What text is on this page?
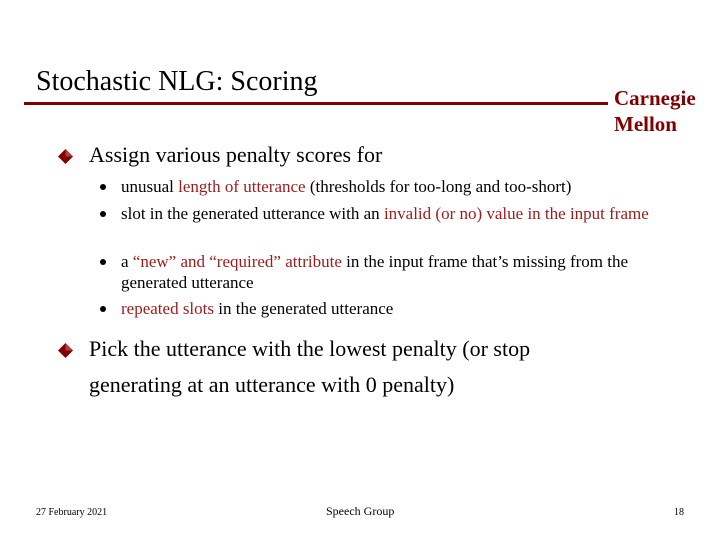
Stochastic NLG: Scoring
Carnegie
Mellon
Assign various penalty scores for
unusual length of utterance (thresholds for too-long and too-short)
slot in the generated utterance with an invalid (or no) value in the input frame
a “new” and “required” attribute in the input frame that’s missing from the generated utterance
repeated slots in the generated utterance
Pick the utterance with the lowest penalty (or stop
generating at an utterance with 0 penalty)
27 February 2021	Speech Group	18
